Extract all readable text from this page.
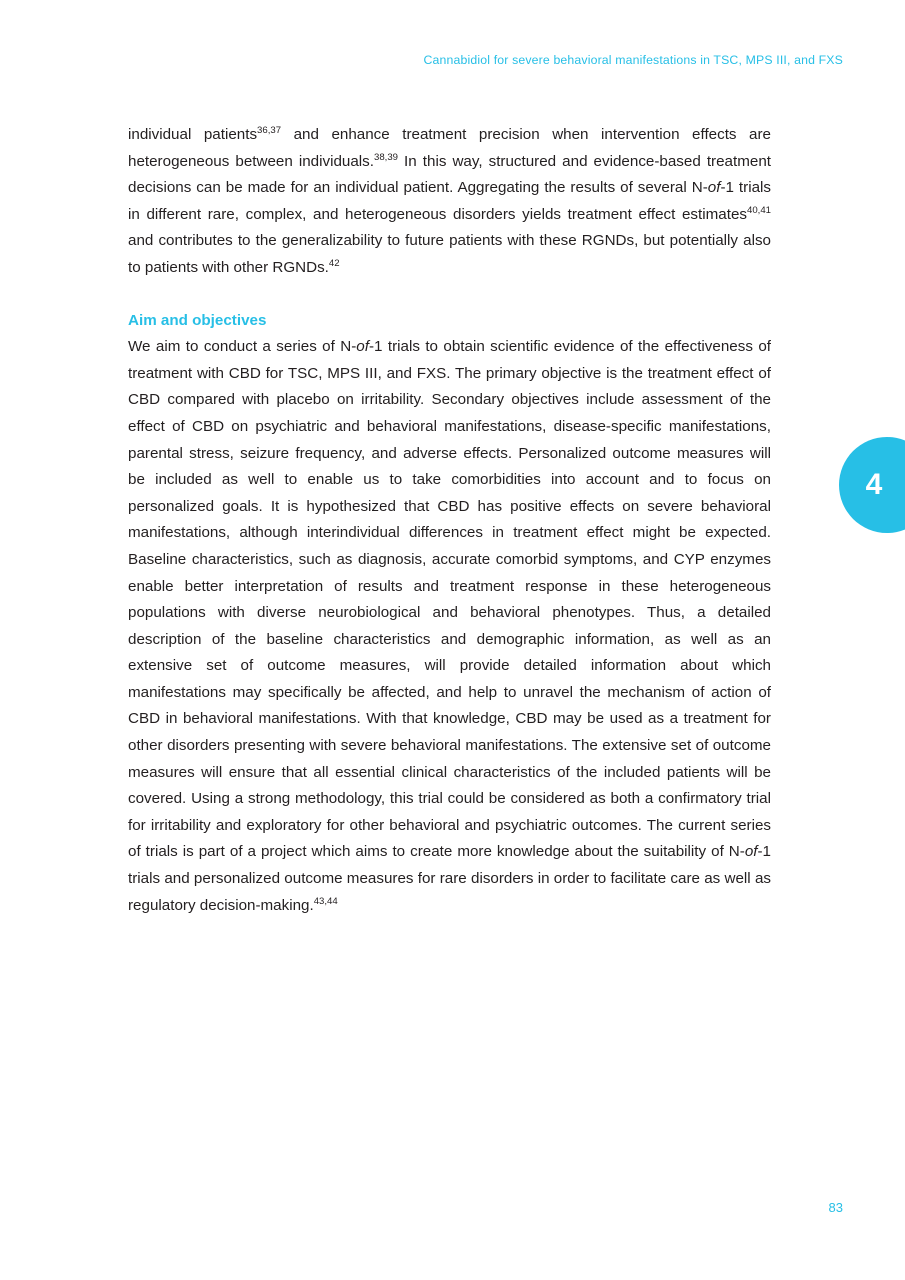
Cannabidiol for severe behavioral manifestations in TSC, MPS III, and FXS
4

individual patients$^{36,37}$ and enhance treatment precision when intervention effects are heterogeneous between individuals.$^{38,39}$ In this way, structured and evidence-based treatment decisions can be made for an individual patient. Aggregating the results of several N-of-1 trials in different rare, complex, and heterogeneous disorders yields treatment effect estimates$^{40,41}$ and contributes to the generalizability to future patients with these RGNDs, but potentially also to patients with other RGNDs.$^{42}$

Aim and objectives

We aim to conduct a series of N-of-1 trials to obtain scientific evidence of the effectiveness of treatment with CBD for TSC, MPS III, and FXS. The primary objective is the treatment effect of CBD compared with placebo on irritability. Secondary objectives include assessment of the effect of CBD on psychiatric and behavioral manifestations, disease-specific manifestations, parental stress, seizure frequency, and adverse effects. Personalized outcome measures will be included as well to enable us to take comorbidities into account and to focus on personalized goals. It is hypothesized that CBD has positive effects on severe behavioral manifestations, although interindividual differences in treatment effect might be expected. Baseline characteristics, such as diagnosis, accurate comorbid symptoms, and CYP enzymes enable better interpretation of results and treatment response in these heterogeneous populations with diverse neurobiological and behavioral phenotypes. Thus, a detailed description of the baseline characteristics and demographic information, as well as an extensive set of outcome measures, will provide detailed information about which manifestations may specifically be affected, and help to unravel the mechanism of action of CBD in behavioral manifestations. With that knowledge, CBD may be used as a treatment for other disorders presenting with severe behavioral manifestations. The extensive set of outcome measures will ensure that all essential clinical characteristics of the included patients will be covered. Using a strong methodology, this trial could be considered as both a confirmatory trial for irritability and exploratory for other behavioral and psychiatric outcomes. The current series of trials is part of a project which aims to create more knowledge about the suitability of N-of-1 trials and personalized outcome measures for rare disorders in order to facilitate care as well as regulatory decision-making.$^{43,44}$

83
